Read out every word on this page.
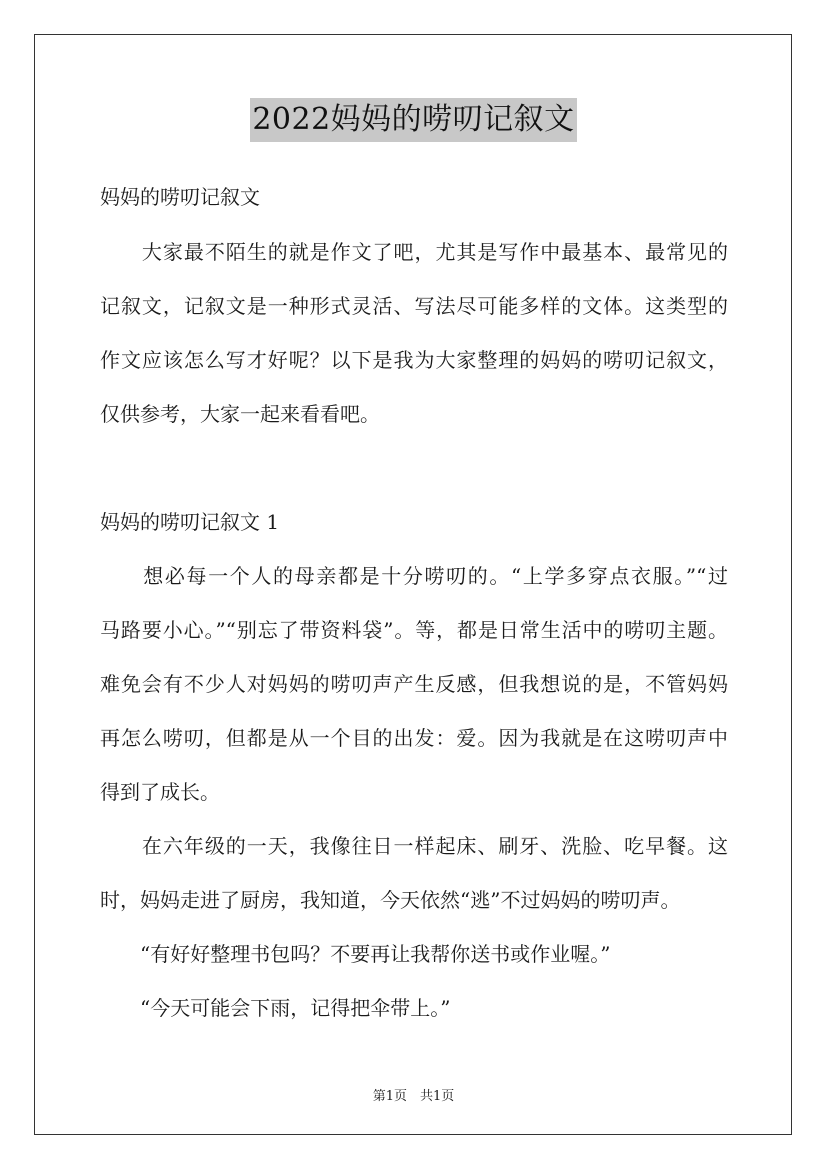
2022妈妈的唠叨记叙文
妈妈的唠叨记叙文
　　大家最不陌生的就是作文了吧，尤其是写作中最基本、最常见的
记叙文，记叙文是一种形式灵活、写法尽可能多样的文体。这类型的
作文应该怎么写才好呢？以下是我为大家整理的妈妈的唠叨记叙文，
仅供参考，大家一起来看看吧。
妈妈的唠叨记叙文 1
　　想必每一个人的母亲都是十分唠叨的。“上学多穿点衣服。”“过
马路要小心。”“别忘了带资料袋”。等，都是日常生活中的唠叨主题。
难免会有不少人对妈妈的唠叨声产生反感，但我想说的是，不管妈妈
再怎么唠叨，但都是从一个目的出发：爱。因为我就是在这唠叨声中
得到了成长。
　　在六年级的一天，我像往日一样起床、刷牙、洗脸、吃早餐。这
时，妈妈走进了厨房，我知道，今天依然“逃”不过妈妈的唠叨声。
　　“有好好整理书包吗？不要再让我帮你送书或作业喔。”
　　“今天可能会下雨，记得把伞带上。”
第1页　共1页
